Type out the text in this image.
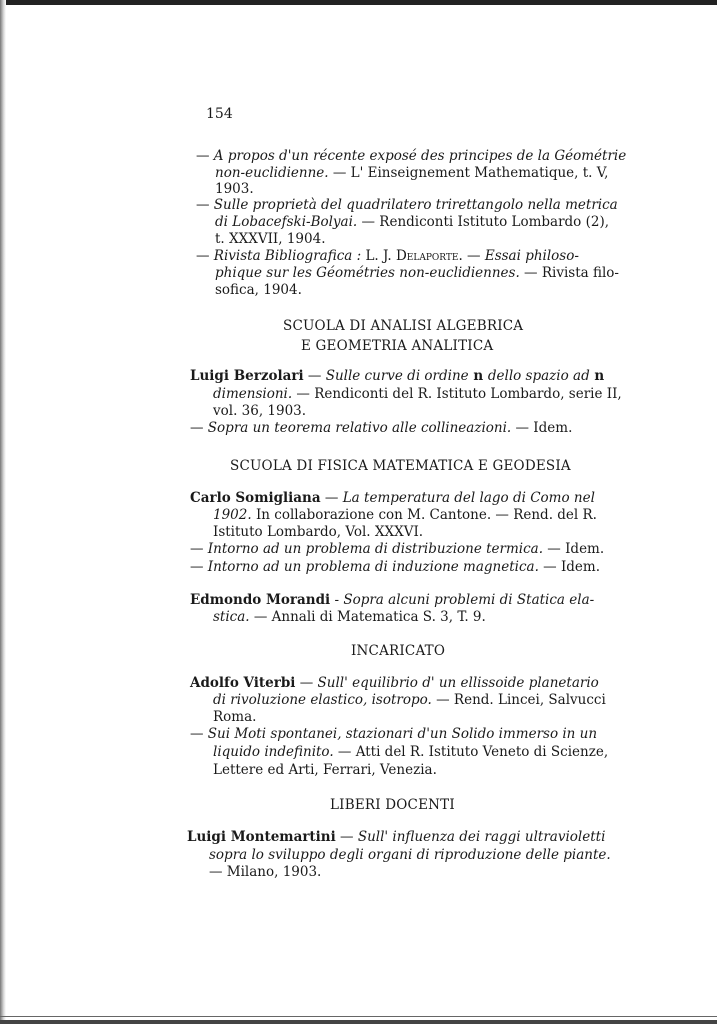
154
— A propos d'un récente exposé des principes de la Géométrie
non-euclidienne. — L' Einseignement Mathematique, t. V,
1903.
— Sulle proprietà del quadrilatero trirettangolo nella metrica
di Lobacefski-Bolyai. — Rendiconti Istituto Lombardo (2),
t. XXXVII, 1904.
— Rivista Bibliografica : L. J. Delaporte. — Essai philoso-
phique sur les Géométries non-euclidiennes. — Rivista filo-
sofica, 1904.
SCUOLA DI ANALISI ALGEBRICA
E GEOMETRIA ANALITICA
Luigi Berzolari — Sulle curve di ordine n dello spazio ad n
dimensioni. — Rendiconti del R. Istituto Lombardo, serie II,
vol. 36, 1903.
— Sopra un teorema relativo alle collineazioni. — Idem.
SCUOLA DI FISICA MATEMATICA E GEODESIA
Carlo Somigliana — La temperatura del lago di Como nel
1902. In collaborazione con M. Cantone. — Rend. del R.
Istituto Lombardo, Vol. XXXVI.
— Intorno ad un problema di distribuzione termica. — Idem.
— Intorno ad un problema di induzione magnetica. — Idem.
Edmondo Morandi - Sopra alcuni problemi di Statica ela-
stica. — Annali di Matematica S. 3, T. 9.
INCARICATO
Adolfo Viterbi — Sull' equilibrio d' un ellissoide planetario
di rivoluzione elastico, isotropo. — Rend. Lincei, Salvucci
Roma.
— Sui Moti spontanei, stazionari d'un Solido immerso in un
liquido indefinito. — Atti del R. Istituto Veneto di Scienze,
Lettere ed Arti, Ferrari, Venezia.
LIBERI DOCENTI
Luigi Montemartini — Sull' influenza dei raggi ultravioletti
sopra lo sviluppo degli organi di riproduzione delle piante.
— Milano, 1903.
